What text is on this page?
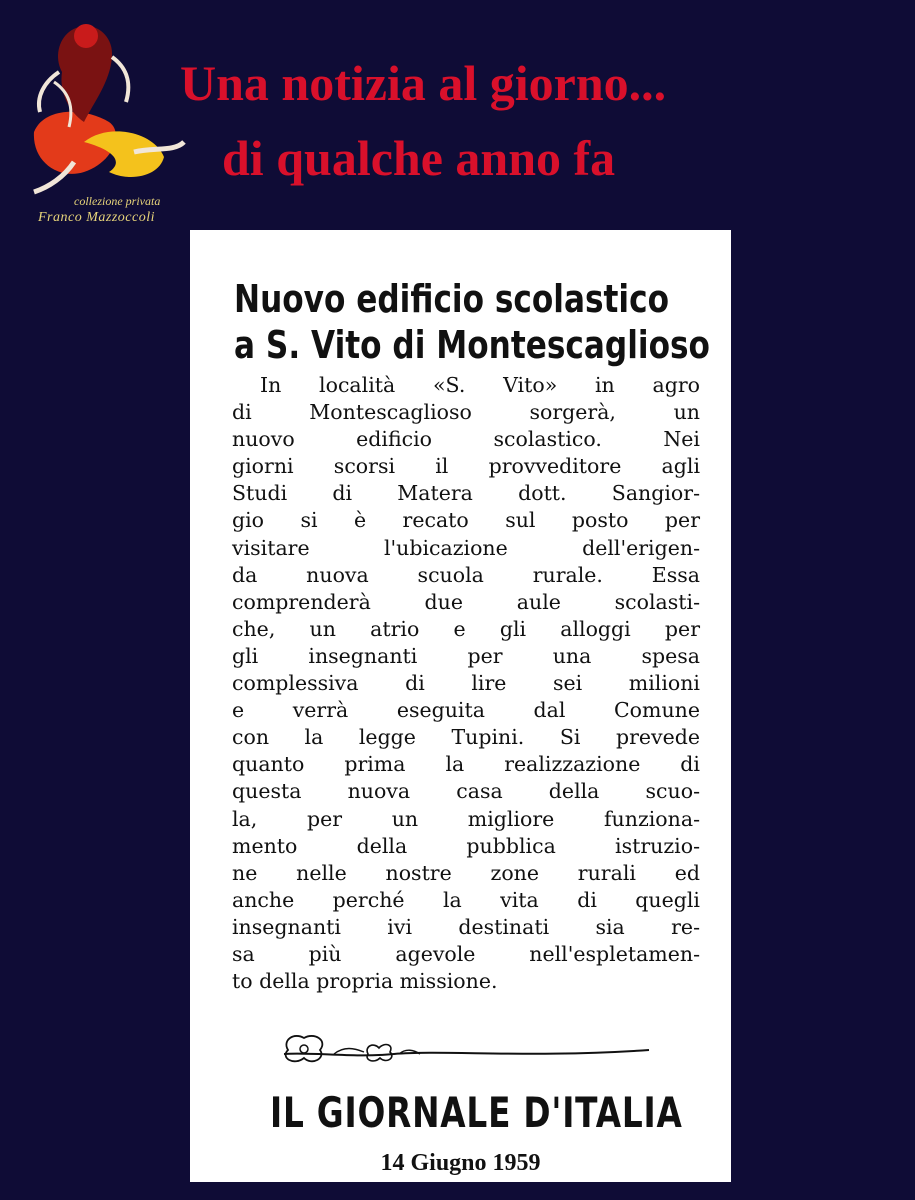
collezione privata
Franco Mazzoccoli
Una notizia al giorno...
di qualche anno fa
Nuovo edificio scolastico
a S. Vito di Montescaglioso
In località «S. Vito» in agro
di Montescaglioso sorgerà, un
nuovo edificio scolastico. Nei
giorni scorsi il provveditore agli
Studi di Matera dott. Sangior-
gio si è recato sul posto per
visitare l'ubicazione dell'erigen-
da nuova scuola rurale. Essa
comprenderà due aule scolasti-
che, un atrio e gli alloggi per
gli insegnanti per una spesa
complessiva di lire sei milioni
e verrà eseguita dal Comune
con la legge Tupini. Si prevede
quanto prima la realizzazione di
questa nuova casa della scuo-
la, per un migliore funziona-
mento della pubblica istruzio-
ne nelle nostre zone rurali ed
anche perché la vita di quegli
insegnanti ivi destinati sia re-
sa più agevole nell'espletamen-
to della propria missione.
IL GIORNALE D'ITALIA
14 Giugno 1959
